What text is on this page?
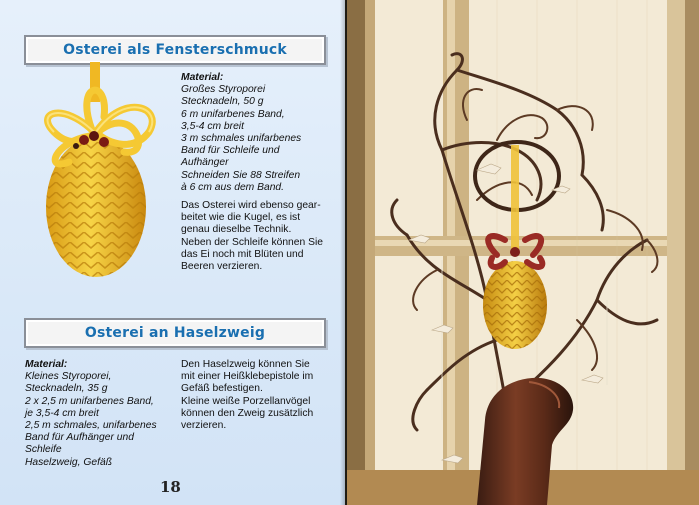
Osterei als Fensterschmuck
Material:
Großes Styroporei
Stecknadeln, 50 g
6 m unifarbenes Band,
3,5-4 cm breit
3 m schmales unifarbenes
Band für Schleife und
Aufhänger
Schneiden Sie 88 Streifen
à 6 cm aus dem Band.
Das Osterei wird ebenso gear-
beitet wie die Kugel, es ist
genau dieselbe Technik.
Neben der Schleife können Sie
das Ei noch mit Blüten und
Beeren verzieren.
Osterei an Haselzweig
Material:
Kleines Styroporei,
Stecknadeln, 35 g
2 x 2,5 m unifarbenes Band,
je 3,5-4 cm breit
2,5 m schmales, unifarbenes
Band für Aufhänger und
Schleife
Haselzweig, Gefäß
Den Haselzweig können Sie
mit einer Heißklebepistole im
Gefäß befestigen.
Kleine weiße Porzellanvögel
können den Zweig zusätzlich
verzieren.
18
